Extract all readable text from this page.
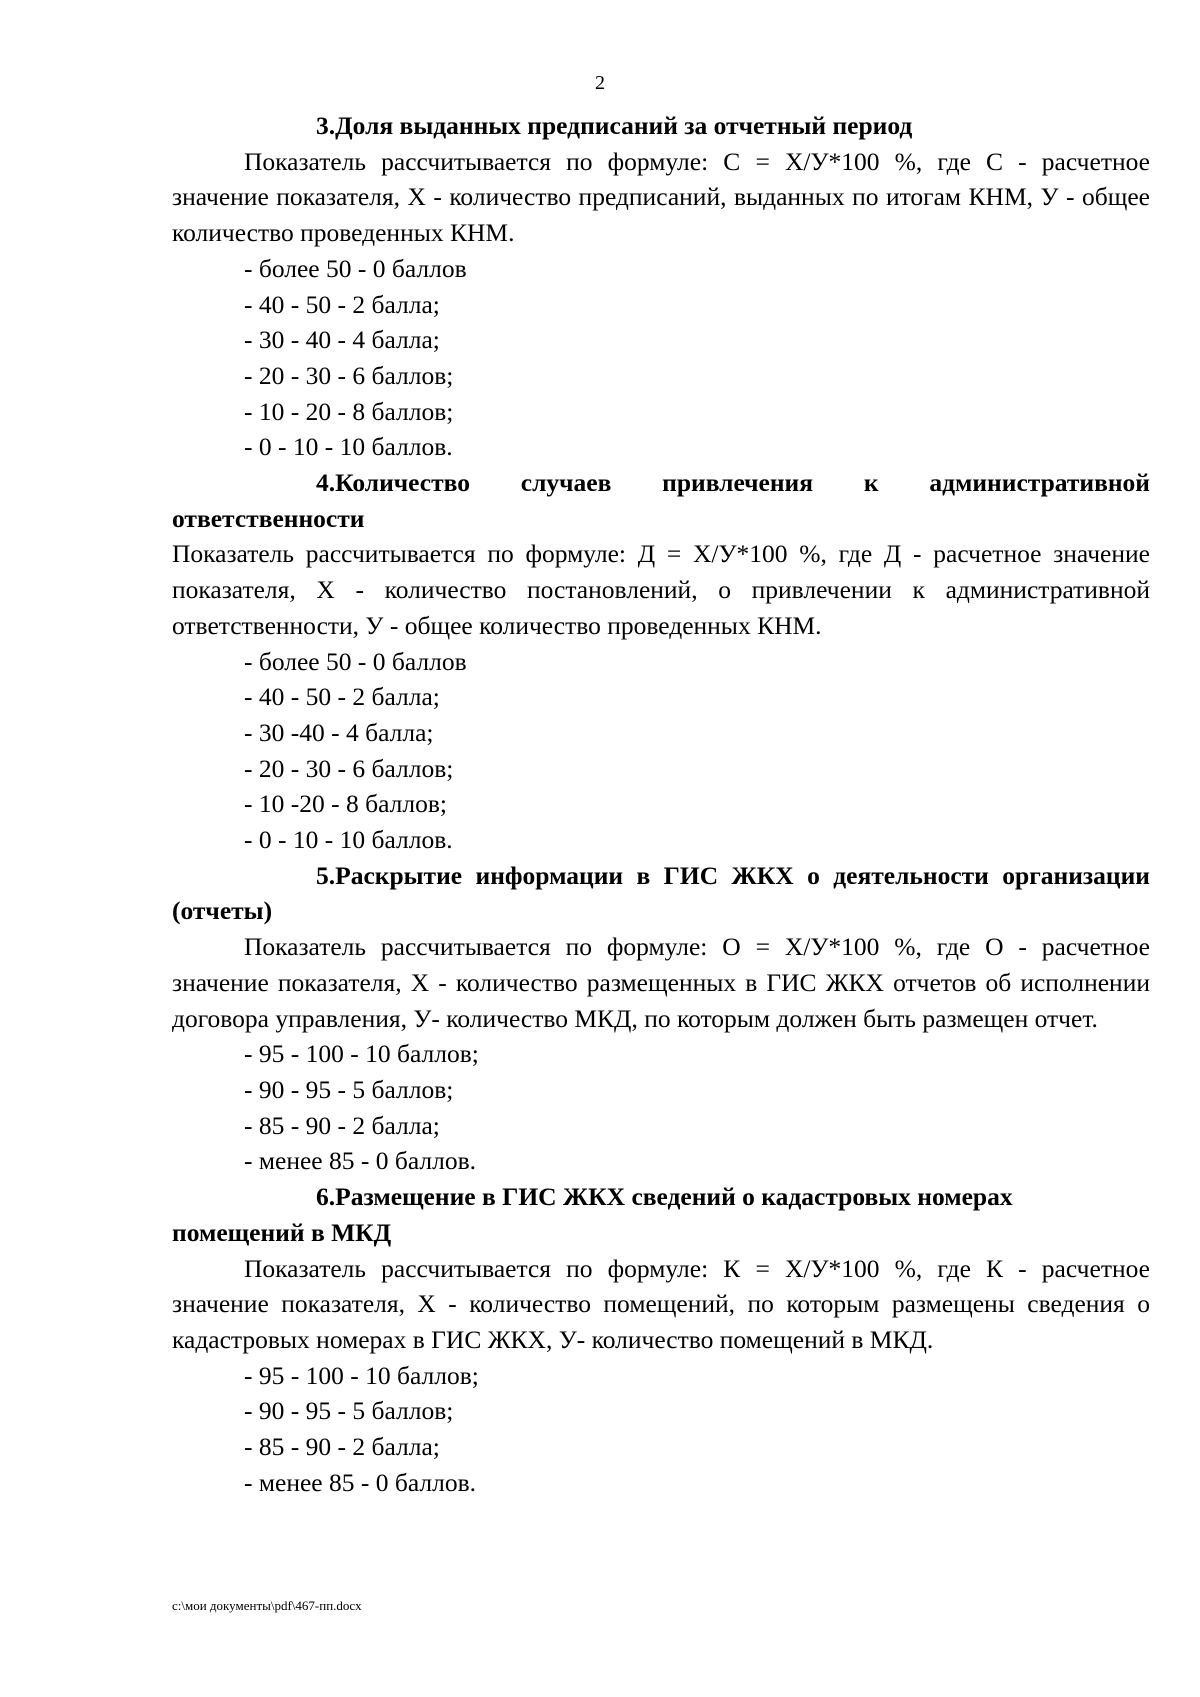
2

3.Доля выданных предписаний за отчетный период

Показатель рассчитывается по формуле: С = Х/У*100 %, где С - расчетное значение показателя, Х - количество предписаний, выданных по итогам КНМ, У - общее количество проведенных КНМ.

- более 50 - 0 баллов
- 40 - 50 - 2 балла;
- 30 - 40 - 4 балла;
- 20 - 30 - 6 баллов;
- 10 - 20 - 8 баллов;
- 0 - 10 - 10 баллов.

4.Количество случаев привлечения к административной ответственности

Показатель рассчитывается по формуле: Д = Х/У*100 %, где Д - расчетное значение показателя, Х - количество постановлений, о привлечении к административной ответственности, У - общее количество проведенных КНМ.

- более 50 - 0 баллов
- 40 - 50 - 2 балла;
- 30 -40 - 4 балла;
- 20 - 30 - 6 баллов;
- 10 -20 - 8 баллов;
- 0 - 10 - 10 баллов.

5.Раскрытие информации в ГИС ЖКХ о деятельности организации (отчеты)

Показатель рассчитывается по формуле: О = Х/У*100 %, где О - расчетное значение показателя, Х - количество размещенных в ГИС ЖКХ отчетов об исполнении договора управления, У- количество МКД, по которым должен быть размещен отчет.

- 95 - 100 - 10 баллов;
- 90 - 95 - 5 баллов;
- 85 - 90 - 2 балла;
- менее 85 - 0 баллов.

6.Размещение в ГИС ЖКХ сведений о кадастровых номерах помещений в МКД

Показатель рассчитывается по формуле: К = Х/У*100 %, где К - расчетное значение показателя, Х - количество помещений, по которым размещены сведения о кадастровых номерах в ГИС ЖКХ, У- количество помещений в МКД.

- 95 - 100 - 10 баллов;
- 90 - 95 - 5 баллов;
- 85 - 90 - 2 балла;
- менее 85 - 0 баллов.
c:\мои документы\pdf\467-пп.docx
